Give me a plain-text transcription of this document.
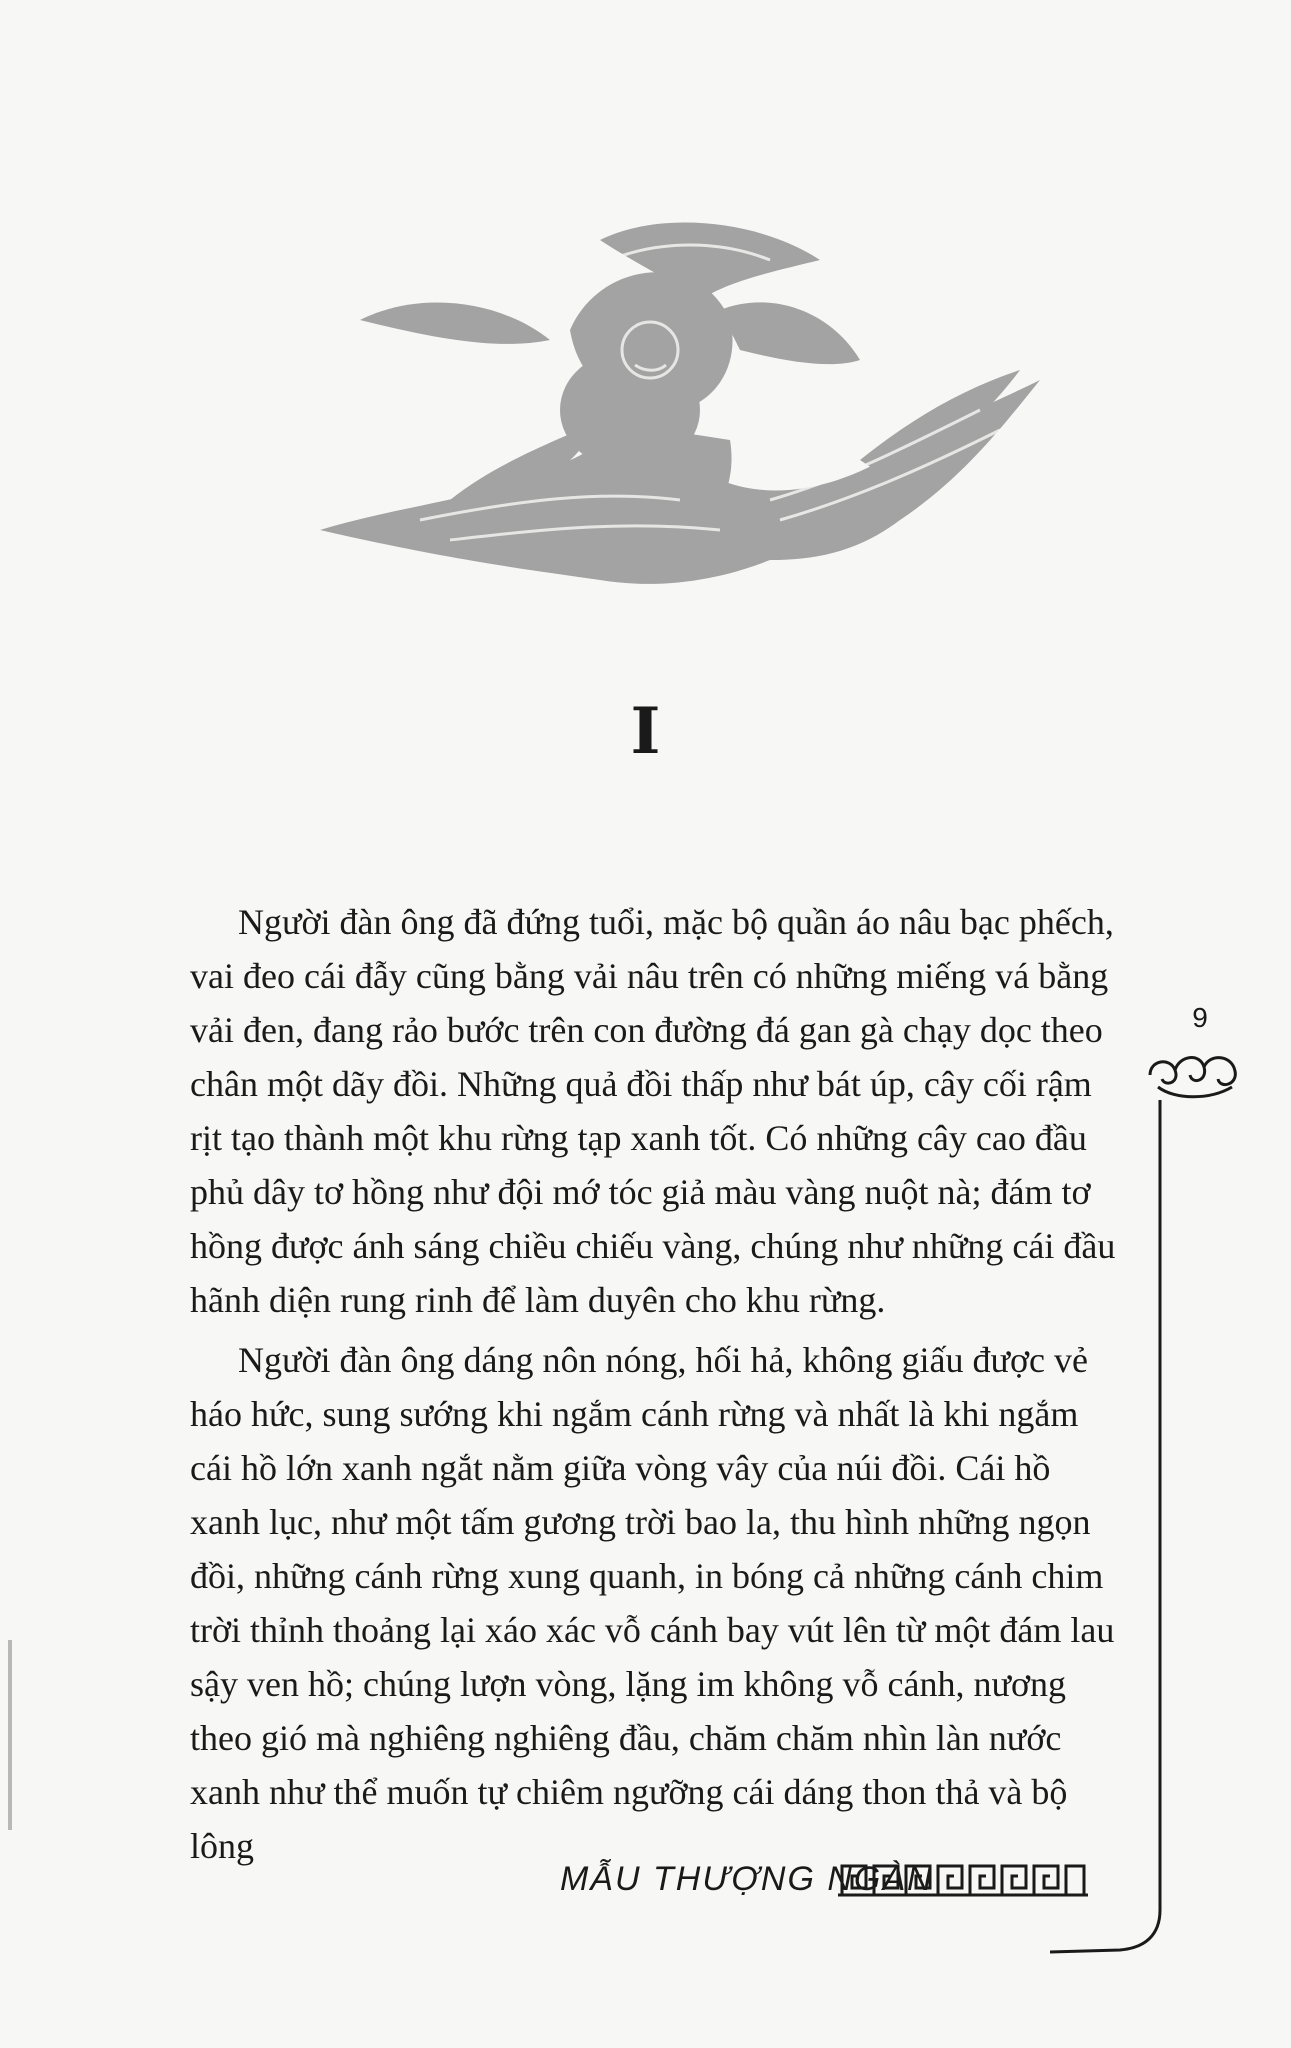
I

Người đàn ông đã đứng tuổi, mặc bộ quần áo nâu bạc phếch, vai đeo cái đẫy cũng bằng vải nâu trên có những miếng vá bằng vải đen, đang rảo bước trên con đường đá gan gà chạy dọc theo chân một dãy đồi. Những quả đồi thấp như bát úp, cây cối rậm rịt tạo thành một khu rừng tạp xanh tốt. Có những cây cao đầu phủ dây tơ hồng như đội mớ tóc giả màu vàng nuột nà; đám tơ hồng được ánh sáng chiều chiếu vàng, chúng như những cái đầu hãnh diện rung rinh để làm duyên cho khu rừng.

Người đàn ông dáng nôn nóng, hối hả, không giấu được vẻ háo hức, sung sướng khi ngắm cánh rừng và nhất là khi ngắm cái hồ lớn xanh ngắt nằm giữa vòng vây của núi đồi. Cái hồ xanh lục, như một tấm gương trời bao la, thu hình những ngọn đồi, những cánh rừng xung quanh, in bóng cả những cánh chim trời thỉnh thoảng lại xáo xác vỗ cánh bay vút lên từ một đám lau sậy ven hồ; chúng lượn vòng, lặng im không vỗ cánh, nương theo gió mà nghiêng nghiêng đầu, chăm chăm nhìn làn nước xanh như thể muốn tự chiêm ngưỡng cái dáng thon thả và bộ lông

9
MẪU THƯỢNG NGÀN
